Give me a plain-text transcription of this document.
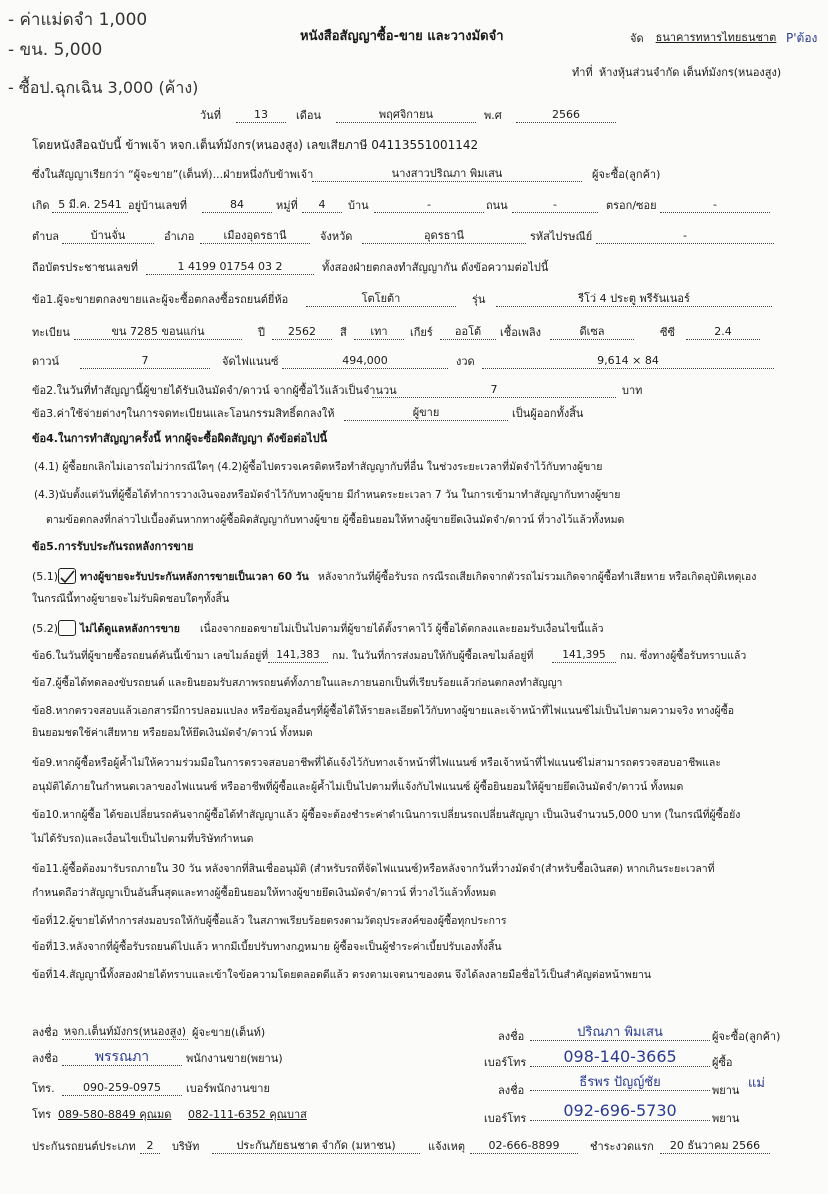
- ค่าแม่ดจำ 1,000
- ขน. 5,000
- ซื้อป.ฉุกเฉิน 3,000 (ค้าง)
หนังสือสัญญาซื้อ-ขาย และวางมัดจำ	จัด	ธนาคารทหารไทยธนชาต P'ต้อง
ทำที่ ห้างหุ้นส่วนจำกัด เต็นท์มังกร(หนองสูง)
วันที่	13	เดือน	พฤศจิกายน	พ.ศ	2566
โดยหนังสือฉบับนี้ ข้าพเจ้า หจก.เต็นท์มังกร(หนองสูง) เลขเสียภาษี 04113551001142
ซึ่งในสัญญาเรียกว่า “ผู้จะขาย”(เต็นท์)...ฝ่ายหนึ่งกับข้าพเจ้า	นางสาวปริณภา พิมเสน	ผู้จะซื้อ(ลูกค้า)
เกิด 5 มี.ค. 2541 อยู่บ้านเลขที่	84	หมู่ที่	4	บ้าน	-	ถนน	-	ตรอก/ซอย	-
ตำบล	บ้านจั่น	อำเภอ	เมืองอุดรธานี	จังหวัด	อุดรธานี	รหัสไปรษณีย์	-
ถือบัตรประชาชนเลขที่	1 4199 01754 03 2	ทั้งสองฝ่ายตกลงทำสัญญากัน ดังข้อความต่อไปนี้
ข้อ1.ผู้จะขายตกลงขายและผู้จะซื้อตกลงซื้อรถยนต์ยี่ห้อ	โตโยต้า	รุ่น	รีโว่ 4 ประตู พรีรันเนอร์
ทะเบียน	ขน 7285 ขอนแก่น	ปี	2562	สี	เทา	เกียร์	ออโต้	เชื้อเพลิง	ดีเซล	ซีซี	2.4
ดาวน์	7	จัดไฟแนนซ์	494,000	งวด	9,614 × 84
ข้อ2.ในวันที่ทำสัญญานี้ผู้ขายได้รับเงินมัดจำ/ดาวน์ จากผู้ซื้อไว้แล้วเป็นจำนวน	7	บาท
ข้อ3.ค่าใช้จ่ายต่างๆในการจดทะเบียนและโอนกรรมสิทธิ์ตกลงให้	ผู้ขาย	เป็นผู้ออกทั้งสิ้น
ข้อ4.ในการทำสัญญาครั้งนี้ หากผู้จะซื้อผิดสัญญา ดังข้อต่อไปนี้
(4.1) ผู้ซื้อยกเลิกไม่เอารถไม่ว่ากรณีใดๆ (4.2)ผู้ซื้อไปตรวจเครดิตหรือทำสัญญากับที่อื่น ในช่วงระยะเวลาที่มัดจำไว้กับทางผู้ขาย
(4.3)นับตั้งแต่วันที่ผู้ซื้อได้ทำการวางเงินจองหรือมัดจำไว้กับทางผู้ขาย มีกำหนดระยะเวลา 7 วัน ในการเข้ามาทำสัญญากับทางผู้ขาย
ตามข้อตกลงที่กล่าวไปเบื้องต้นหากทางผู้ซื้อผิดสัญญากับทางผู้ขาย ผู้ซื้อยินยอมให้ทางผู้ขายยึดเงินมัดจำ/ดาวน์ ที่วางไว้แล้วทั้งหมด
ข้อ5.การรับประกันรถหลังการขาย
(5.1) ทางผู้ขายจะรับประกันหลังการขายเป็นเวลา 60 วัน หลังจากวันที่ผู้ซื้อรับรถ กรณีรถเสียเกิดจากตัวรถไม่รวมเกิดจากผู้ซื้อทำเสียหาย หรือเกิดอุบัติเหตุเอง
ในกรณีนี้ทางผู้ขายจะไม่รับผิดชอบใดๆทั้งสิ้น
(5.2) ไม่ได้ดูแลหลังการขาย เนื่องจากยอดขายไม่เป็นไปตามที่ผู้ขายได้ตั้งราคาไว้ ผู้ซื้อได้ตกลงและยอมรับเงื่อนไขนี้แล้ว
ข้อ6.ในวันที่ผู้ขายซื้อรถยนต์คันนี้เข้ามา เลขไมล์อยู่ที่ 141,383	กม. ในวันที่การส่งมอบให้กับผู้ซื้อเลขไมล์อยู่ที่	141,395	กม. ซึ่งทางผู้ซื้อรับทราบแล้ว
ข้อ7.ผู้ซื้อได้ทดลองขับรถยนต์ และยินยอมรับสภาพรถยนต์ทั้งภายในและภายนอกเป็นที่เรียบร้อยแล้วก่อนตกลงทำสัญญา
ข้อ8.หากตรวจสอบแล้วเอกสารมีการปลอมแปลง หรือข้อมูลอื่นๆที่ผู้ซื้อได้ให้รายละเอียดไว้กับทางผู้ขายและเจ้าหน้าที่ไฟแนนซ์ไม่เป็นไปตามความจริง ทางผู้ซื้อ
ยินยอมชดใช้ค่าเสียหาย หรือยอมให้ยึดเงินมัดจำ/ดาวน์ ทั้งหมด
ข้อ9.หากผู้ซื้อหรือผู้ค้ำไม่ให้ความร่วมมือในการตรวจสอบอาชีพที่ได้แจ้งไว้กับทางเจ้าหน้าที่ไฟแนนซ์ หรือเจ้าหน้าที่ไฟแนนซ์ไม่สามารถตรวจสอบอาชีพและ
อนุมัติได้ภายในกำหนดเวลาของไฟแนนซ์ หรืออาชีพที่ผู้ซื้อและผู้ค้ำไม่เป็นไปตามที่แจ้งกับไฟแนนซ์ ผู้ซื้อยินยอมให้ผู้ขายยึดเงินมัดจำ/ดาวน์ ทั้งหมด
ข้อ10.หากผู้ซื้อ ได้ขอเปลี่ยนรถคันจากผู้ซื้อได้ทำสัญญาแล้ว ผู้ซื้อจะต้องชำระค่าดำเนินการเปลี่ยนรถเปลี่ยนสัญญา เป็นเงินจำนวน5,000 บาท (ในกรณีที่ผู้ซื้อยัง
ไม่ได้รับรถ)และเงื่อนไขเป็นไปตามที่บริษัทกำหนด
ข้อ11.ผู้ซื้อต้องมารับรถภายใน 30 วัน หลังจากที่สินเชื่ออนุมัติ (สำหรับรถที่จัดไฟแนนซ์)หรือหลังจากวันที่วางมัดจำ(สำหรับซื้อเงินสด) หากเกินระยะเวลาที่
กำหนดถือว่าสัญญาเป็นอันสิ้นสุดและทางผู้ซื้อยินยอมให้ทางผู้ขายยึดเงินมัดจำ/ดาวน์ ที่วางไว้แล้วทั้งหมด
ข้อที่12.ผู้ขายได้ทำการส่งมอบรถให้กับผู้ซื้อแล้ว ในสภาพเรียบร้อยตรงตามวัตถุประสงค์ของผู้ซื้อทุกประการ
ข้อที่13.หลังจากที่ผู้ซื้อรับรถยนต์ไปแล้ว หากมีเบี้ยปรับทางกฎหมาย ผู้ซื้อจะเป็นผู้ชำระค่าเบี้ยปรับเองทั้งสิ้น
ข้อที่14.สัญญานี้ทั้งสองฝ่ายได้ทราบและเข้าใจข้อความโดยตลอดดีแล้ว ตรงตามเจตนาของตน จึงได้ลงลายมือชื่อไว้เป็นสำคัญต่อหน้าพยาน
ลงชื่อ หจก.เต็นท์มังกร(หนองสูง) ผู้จะขาย(เต็นท์)
ลงชื่อ	พรรณภา	พนักงานขาย(พยาน)
โทร.	090-259-0975	เบอร์พนักงานขาย
โทร 089-580-8849 คุณมด 082-111-6352 คุณบาส
ลงชื่อ	ปริณภา พิมเสน	ผู้จะซื้อ(ลูกค้า)
เบอร์โทร	098-140-3665	ผู้ซื้อ
ลงชื่อ
ธีรพร ปัญญ์ชัย
พยาน แม่
เบอร์โทร	092-696-5730	พยาน
ประกันรถยนต์ประเภท 2	บริษัท	ประกันภัยธนชาต จำกัด (มหาชน)	แจ้งเหตุ	02-666-8899	ชำระงวดแรก	20 ธันวาคม 2566
